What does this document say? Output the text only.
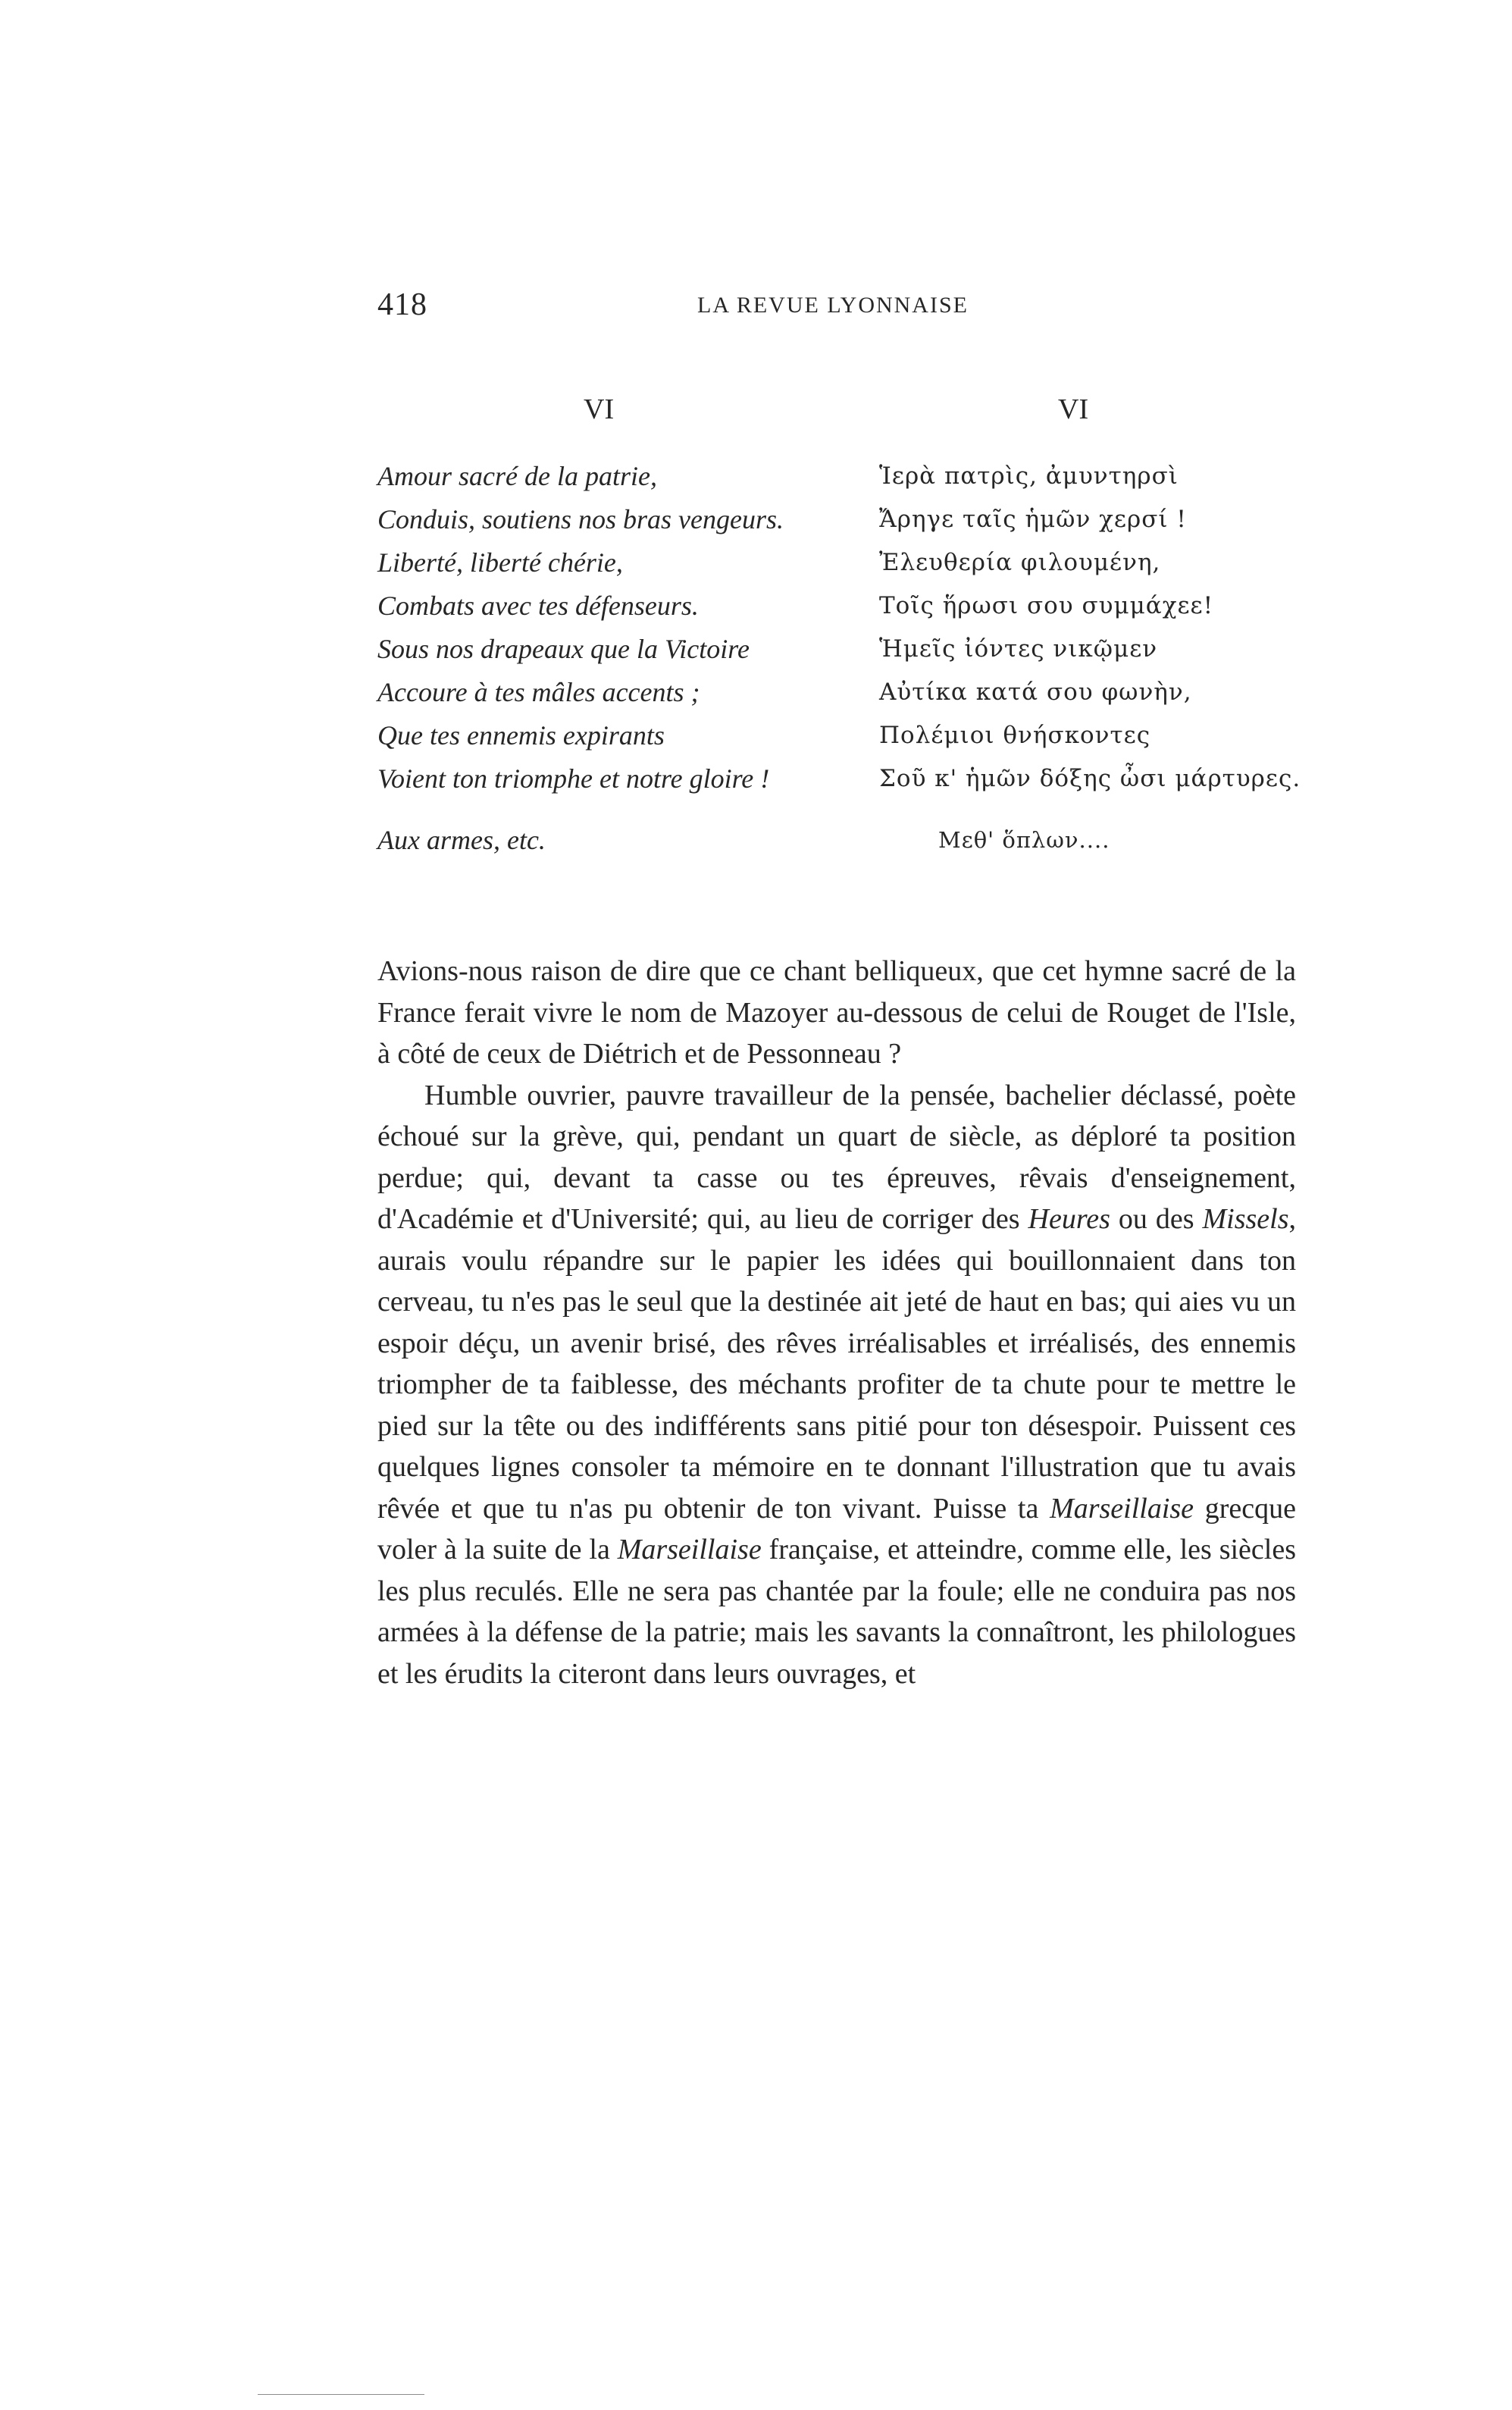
418	LA REVUE LYONNAISE
VI
Amour sacré de la patrie,
Conduis, soutiens nos bras vengeurs.
Liberté, liberté chérie,
Combats avec tes défenseurs.
Sous nos drapeaux que la Victoire
Accoure à tes mâles accents ;
Que tes ennemis expirants
Voient ton triomphe et notre gloire !
Aux armes, etc.
VI
Ἱερὰ πατρὶς, ἀμυντηρσὶ
Ἄρηγε ταῖς ἡμῶν χερσί !
Ἐλευθερία φιλουμένη,
Τοῖς ἥρωσι σου συμμάχεε!
Ἡμεῖς ἰόντες νικῷμεν
Αὐτίκα κατά σου φωνὴν,
Πολέμιοι θνήσκοντες
Σοῦ κ' ἡμῶν δόξης ὦσι μάρτυρες.
Μεθ' ὅπλων....

Avions-nous raison de dire que ce chant belliqueux, que cet hymne sacré de la France ferait vivre le nom de Mazoyer au-dessous de celui de Rouget de l'Isle, à côté de ceux de Diétrich et de Pessonneau ?

Humble ouvrier, pauvre travailleur de la pensée, bachelier déclassé, poète échoué sur la grève, qui, pendant un quart de siècle, as déploré ta position perdue; qui, devant ta casse ou tes épreuves, rêvais d'enseignement, d'Académie et d'Université; qui, au lieu de corriger des Heures ou des Missels, aurais voulu répandre sur le papier les idées qui bouillonnaient dans ton cerveau, tu n'es pas le seul que la destinée ait jeté de haut en bas; qui aies vu un espoir déçu, un avenir brisé, des rêves irréalisables et irréalisés, des ennemis triompher de ta faiblesse, des méchants profiter de ta chute pour te mettre le pied sur la tête ou des indifférents sans pitié pour ton désespoir. Puissent ces quelques lignes consoler ta mémoire en te donnant l'illustration que tu avais rêvée et que tu n'as pu obtenir de ton vivant. Puisse ta Marseillaise grecque voler à la suite de la Marseillaise française, et atteindre, comme elle, les siècles les plus reculés. Elle ne sera pas chantée par la foule; elle ne conduira pas nos armées à la défense de la patrie; mais les savants la connaîtront, les philologues et les érudits la citeront dans leurs ouvrages, et
